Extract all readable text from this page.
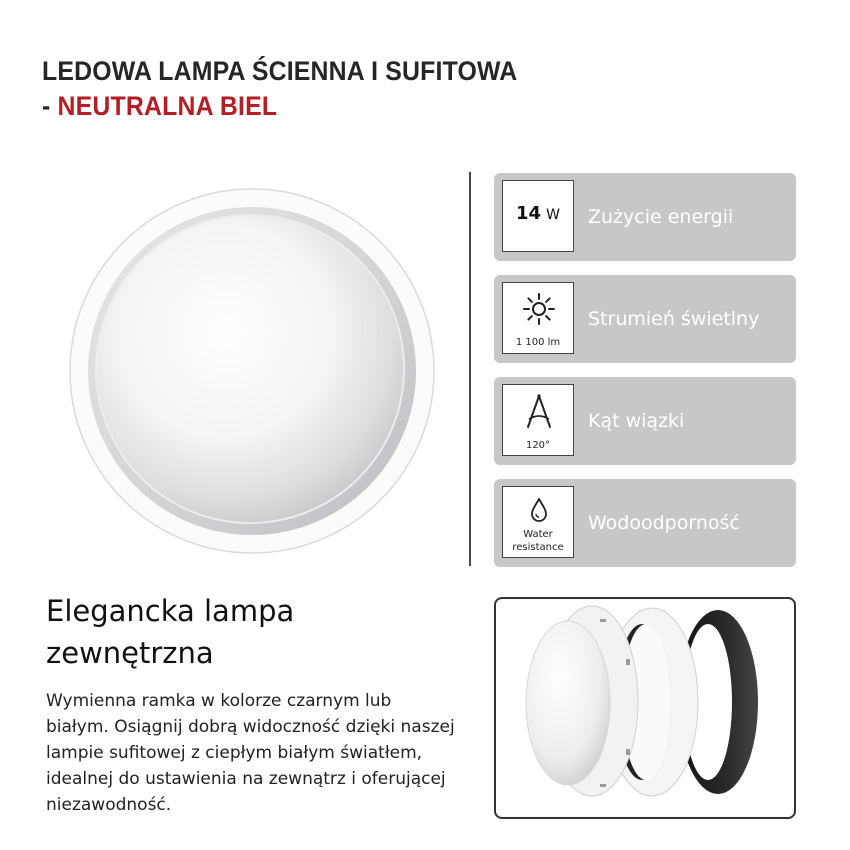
LEDOWA LAMPA ŚCIENNA I SUFITOWA
- NEUTRALNA BIEL
14 W	Zużycie energii
1 100 lm
Strumień świetlny
120°
Kąt wiązki
Water
resistance
Wodoodporność
Elegancka lampa zewnętrzna
Wymienna ramka w kolorze czarnym lub białym. Osiągnij dobrą widoczność dzięki naszej lampie sufitowej z ciepłym białym światłem, idealnej do ustawienia na zewnątrz i oferującej niezawodność.
